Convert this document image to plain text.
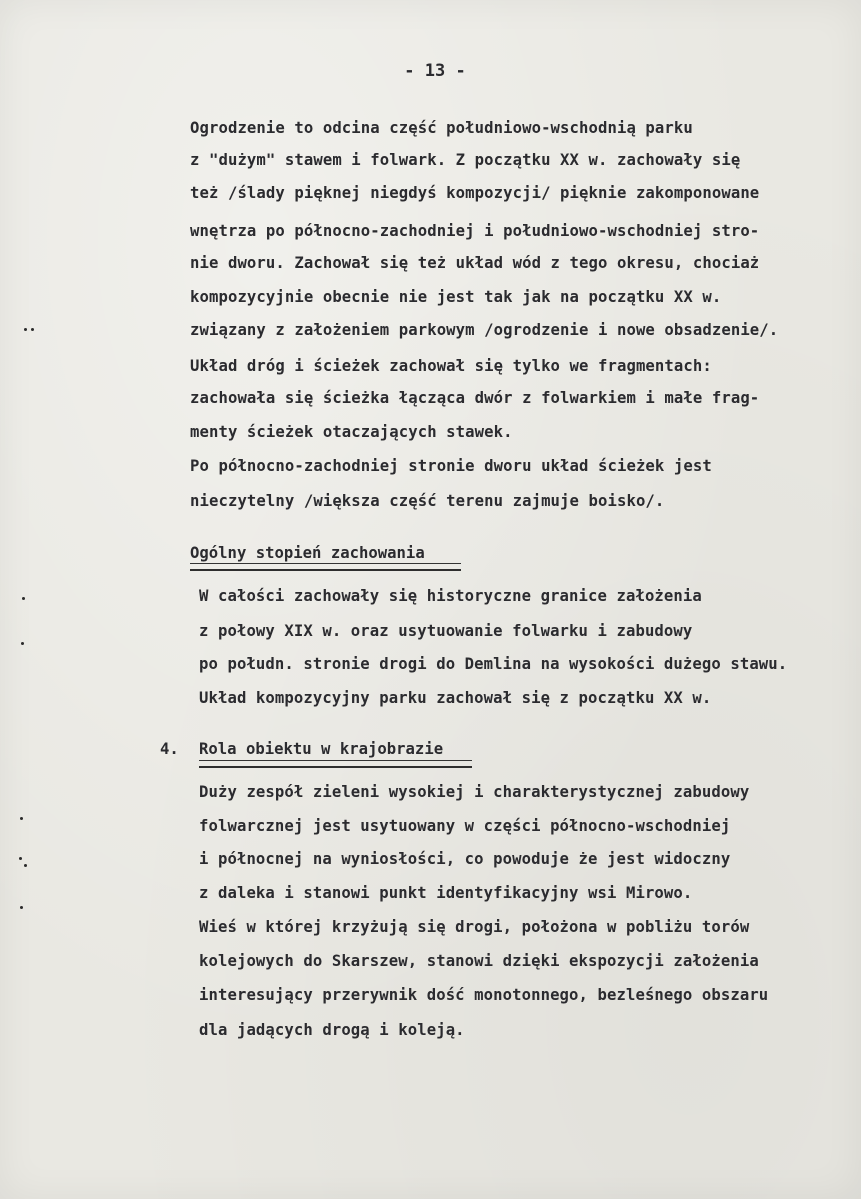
- 13 -
Ogrodzenie to odcina część południowo-wschodnią parku
z "dużym" stawem i folwark. Z początku XX w. zachowały się
też /ślady pięknej niegdyś kompozycji/ pięknie zakomponowane
wnętrza po północno-zachodniej i południowo-wschodniej stro-
nie dworu. Zachował się też układ wód z tego okresu, chociaż
kompozycyjnie obecnie nie jest tak jak na początku XX w.
związany z założeniem parkowym /ogrodzenie i nowe obsadzenie/.
Układ dróg i ścieżek zachował się tylko we fragmentach:
zachowała się ścieżka łącząca dwór z folwarkiem i małe frag-
menty ścieżek otaczających stawek.
Po północno-zachodniej stronie dworu układ ścieżek jest
nieczytelny /większa część terenu zajmuje boisko/.
Ogólny stopień zachowania
W całości zachowały się historyczne granice założenia
z połowy XIX w. oraz usytuowanie folwarku i zabudowy
po połudn. stronie drogi do Demlina na wysokości dużego stawu.
Układ kompozycyjny parku zachował się z początku XX w.
4. Rola obiektu w krajobrazie
Duży zespół zieleni wysokiej i charakterystycznej zabudowy
folwarcznej jest usytuowany w części północno-wschodniej
i północnej na wyniosłości, co powoduje że jest widoczny
z daleka i stanowi punkt identyfikacyjny wsi Mirowo.
Wieś w której krzyżują się drogi, położona w pobliżu torów
kolejowych do Skarszew, stanowi dzięki ekspozycji założenia
interesujący przerywnik dość monotonnego, bezleśnego obszaru
dla jadących drogą i koleją.
